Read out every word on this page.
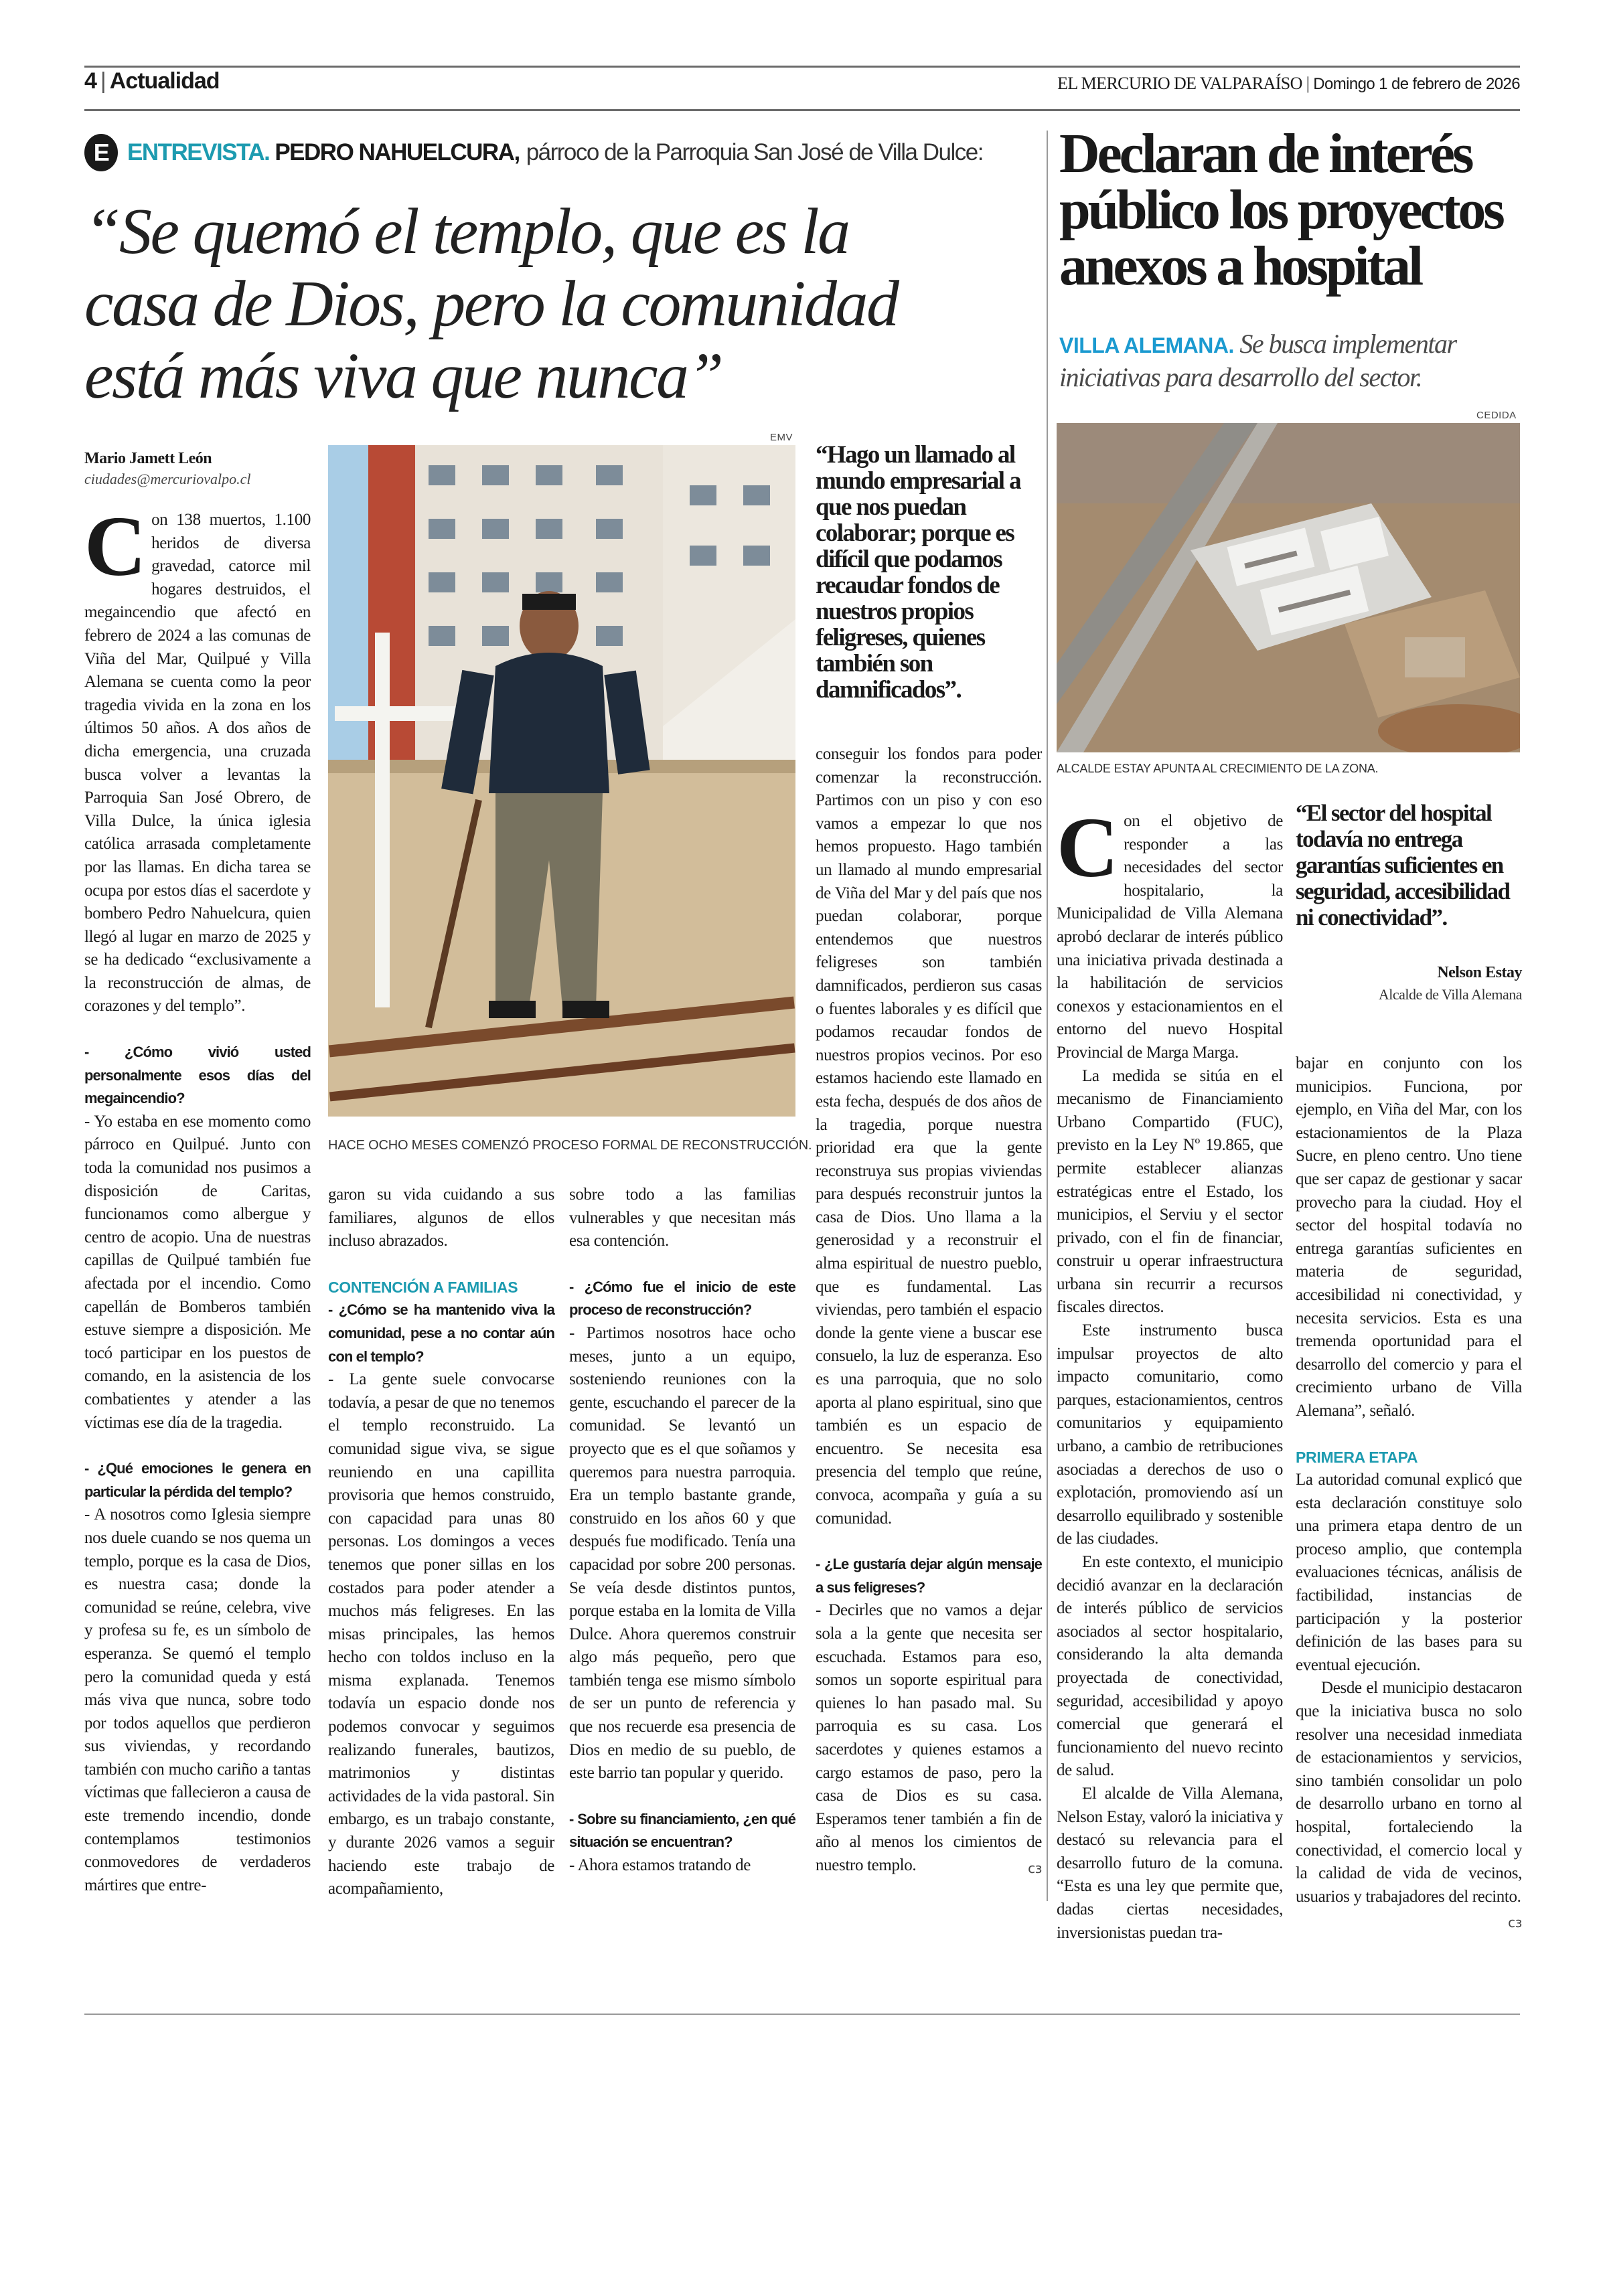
4 | Actualidad	EL MERCURIO DE VALPARAÍSO | Domingo 1 de febrero de 2026
E ENTREVISTA. PEDRO NAHUELCURA, párroco de la Parroquia San José de Villa Dulce:
“Se quemó el templo, que es la
casa de Dios, pero la comunidad
está más viva que nunca”
Mario Jamett León
ciudades@mercuriovalpo.cl

Con 138 muertos, 1.100 heridos de diversa gravedad, catorce mil hogares destruidos, el megaincendio que afectó en febrero de 2024 a las comunas de Viña del Mar, Quilpué y Villa Alemana se cuenta como la peor tragedia vivida en la zona en los últimos 50 años. A dos años de dicha emergencia, una cruzada busca volver a levantas la Parroquia San José Obrero, de Villa Dulce, la única iglesia católica arrasada completamente por las llamas. En dicha tarea se ocupa por estos días el sacerdote y bombero Pedro Nahuelcura, quien llegó al lugar en marzo de 2025 y se ha dedicado “exclusivamente a la reconstrucción de almas, de corazones y del templo”.

- ¿Cómo vivió usted personalmente esos días del megaincendio?

- Yo estaba en ese momento como párroco en Quilpué. Junto con toda la comunidad nos pusimos a disposición de Caritas, funcionamos como albergue y centro de acopio. Una de nuestras capillas de Quilpué también fue afectada por el incendio. Como capellán de Bomberos también estuve siempre a disposición. Me tocó participar en los puestos de comando, en la asistencia de los combatientes y atender a las víctimas ese día de la tragedia.

- ¿Qué emociones le genera en particular la pérdida del templo?

- A nosotros como Iglesia siempre nos duele cuando se nos quema un templo, porque es la casa de Dios, es nuestra casa; donde la comunidad se reúne, celebra, vive y profesa su fe, es un símbolo de esperanza. Se quemó el templo pero la comunidad queda y está más viva que nunca, sobre todo por todos aquellos que perdieron sus viviendas, y recordando también con mucho cariño a tantas víctimas que fallecieron a causa de este tremendo incendio, donde contemplamos testimonios conmovedores de verdaderos mártires que entre-

EMV
HACE OCHO MESES COMENZÓ PROCESO FORMAL DE RECONSTRUCCIÓN.

garon su vida cuidando a sus familiares, algunos de ellos incluso abrazados.

CONTENCIÓN A FAMILIAS

- ¿Cómo se ha mantenido viva la comunidad, pese a no contar aún con el templo?

- La gente suele convocarse todavía, a pesar de que no tenemos el templo reconstruido. La comunidad sigue viva, se sigue reuniendo en una capillita provisoria que hemos construido, con capacidad para unas 80 personas. Los domingos a veces tenemos que poner sillas en los costados para poder atender a muchos más feligreses. En las misas principales, las hemos hecho con toldos incluso en la misma explanada. Tenemos todavía un espacio donde nos podemos convocar y seguimos realizando funerales, bautizos, matrimonios y distintas actividades de la vida pastoral. Sin embargo, es un trabajo constante, y durante 2026 vamos a seguir haciendo este trabajo de acompañamiento,

sobre todo a las familias vulnerables y que necesitan más esa contención.

- ¿Cómo fue el inicio de este proceso de reconstrucción?

- Partimos nosotros hace ocho meses, junto a un equipo, sosteniendo reuniones con la gente, escuchando el parecer de la comunidad. Se levantó un proyecto que es el que soñamos y queremos para nuestra parroquia. Era un templo bastante grande, construido en los años 60 y que después fue modificado. Tenía una capacidad por sobre 200 personas. Se veía desde distintos puntos, porque estaba en la lomita de Villa Dulce. Ahora queremos construir algo más pequeño, pero que también tenga ese mismo símbolo de ser un punto de referencia y que nos recuerde esa presencia de Dios en medio de su pueblo, de este barrio tan popular y querido.

- Sobre su financiamiento, ¿en qué situación se encuentran?

- Ahora estamos tratando de

“Hago un llamado al mundo empresarial a que nos puedan colaborar; porque es difícil que podamos recaudar fondos de nuestros propios feligreses, quienes también son damnificados”.

conseguir los fondos para poder comenzar la reconstrucción. Partimos con un piso y con eso vamos a empezar lo que nos hemos propuesto. Hago también un llamado al mundo empresarial de Viña del Mar y del país que nos puedan colaborar, porque entendemos que nuestros feligreses son también damnificados, perdieron sus casas o fuentes laborales y es difícil que podamos recaudar fondos de nuestros propios vecinos. Por eso estamos haciendo este llamado en esta fecha, después de dos años de la tragedia, porque nuestra prioridad era que la gente reconstruya sus propias viviendas para después reconstruir juntos la casa de Dios. Uno llama a la generosidad y a reconstruir el alma espiritual de nuestro pueblo, que es fundamental. Las viviendas, pero también el espacio donde la gente viene a buscar ese consuelo, la luz de esperanza. Eso es una parroquia, que no solo aporta al plano espiritual, sino que también es un espacio de encuentro. Se necesita esa presencia del templo que reúne, convoca, acompaña y guía a su comunidad.

- ¿Le gustaría dejar algún mensaje a sus feligreses?

- Decirles que no vamos a dejar sola a la gente que necesita ser escuchada. Estamos para eso, somos un soporte espiritual para quienes lo han pasado mal. Su parroquia es su casa. Los sacerdotes y quienes estamos a cargo estamos de paso, pero la casa de Dios es su casa. Esperamos tener también a fin de año al menos los cimientos de nuestro templo.	cз

Declaran de interés
público los proyectos
anexos a hospital
VILLA ALEMANA. Se busca implementar iniciativas para desarrollo del sector.
CEDIDA
ALCALDE ESTAY APUNTA AL CRECIMIENTO DE LA ZONA.

Con el objetivo de responder a las necesidades del sector hospitalario, la Municipalidad de Villa Alemana aprobó declarar de interés público una iniciativa privada destinada a la habilitación de servicios conexos y estacionamientos en el entorno del nuevo Hospital Provincial de Marga Marga.

La medida se sitúa en el mecanismo de Financiamiento Urbano Compartido (FUC), previsto en la Ley Nº 19.865, que permite establecer alianzas estratégicas entre el Estado, los municipios, el Serviu y el sector privado, con el fin de financiar, construir u operar infraestructura urbana sin recurrir a recursos fiscales directos.

Este instrumento busca impulsar proyectos de alto impacto comunitario, como parques, estacionamientos, centros comunitarios y equipamiento urbano, a cambio de retribuciones asociadas a derechos de uso o explotación, promoviendo así un desarrollo equilibrado y sostenible de las ciudades.

En este contexto, el municipio decidió avanzar en la declaración de interés público de servicios asociados al sector hospitalario, considerando la alta demanda proyectada de conectividad, seguridad, accesibilidad y apoyo comercial que generará el funcionamiento del nuevo recinto de salud.

El alcalde de Villa Alemana, Nelson Estay, valoró la iniciativa y destacó su relevancia para el desarrollo futuro de la comuna. “Esta es una ley que permite que, dadas ciertas necesidades, inversionistas puedan tra-

“El sector del hospital todavía no entrega garantías suficientes en seguridad, accesibilidad ni conectividad”.
Nelson Estay
Alcalde de Villa Alemana

bajar en conjunto con los municipios. Funciona, por ejemplo, en Viña del Mar, con los estacionamientos de la Plaza Sucre, en pleno centro. Uno tiene que ser capaz de gestionar y sacar provecho para la ciudad. Hoy el sector del hospital todavía no entrega garantías suficientes en materia de seguridad, accesibilidad ni conectividad, y necesita servicios. Esta es una tremenda oportunidad para el desarrollo del comercio y para el crecimiento urbano de Villa Alemana”, señaló.

PRIMERA ETAPA

La autoridad comunal explicó que esta declaración constituye solo una primera etapa dentro de un proceso amplio, que contempla evaluaciones técnicas, análisis de factibilidad, instancias de participación y la posterior definición de las bases para su eventual ejecución.

Desde el municipio destacaron que la iniciativa busca no solo resolver una necesidad inmediata de estacionamientos y servicios, sino también consolidar un polo de desarrollo urbano en torno al hospital, fortaleciendo la conectividad, el comercio local y la calidad de vida de vecinos, usuarios y trabajadores del recinto.
cз
